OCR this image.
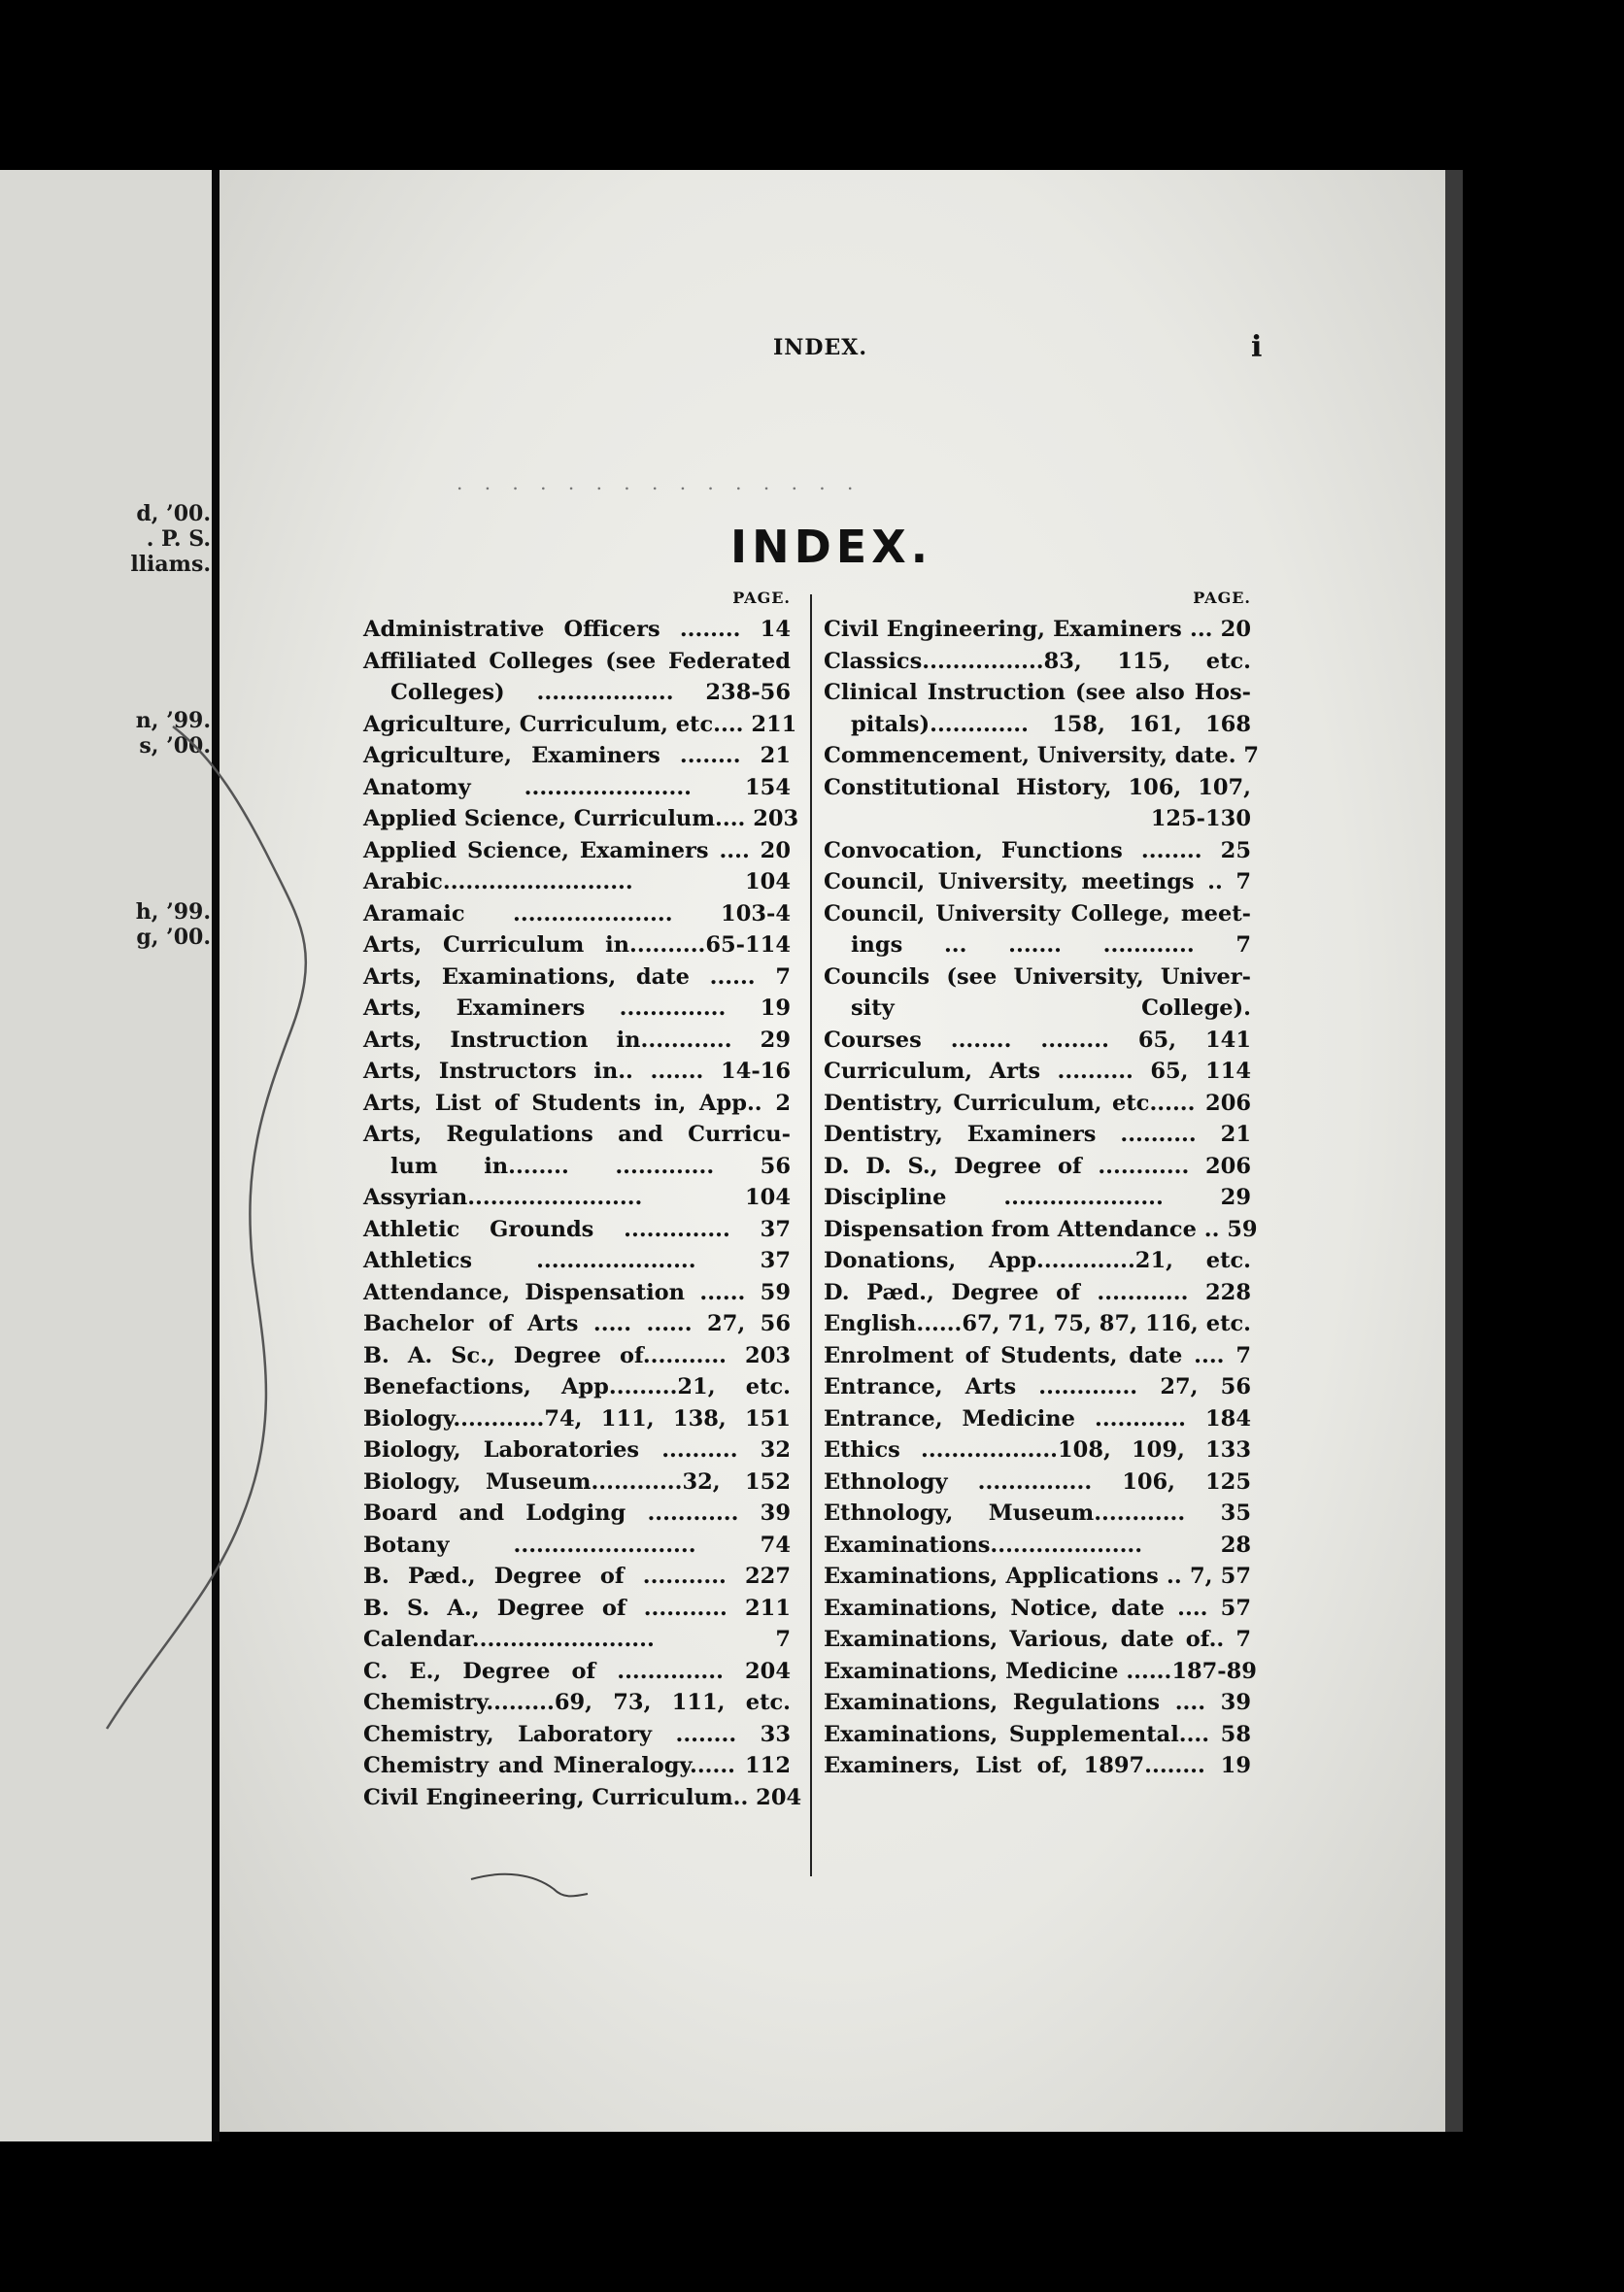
d, ’00.
. P. S.
lliams.
n, ’99.
s, ’00.
h, ’99.
g, ’00.
INDEX.	i
. . . . . . . . . . . . . . .
INDEX.
PAGE.
Administrative Officers ........ 14
Affiliated Colleges (see Federated
Colleges) .................. 238-56
Agriculture, Curriculum, etc.... 211
Agriculture, Examiners ........ 21
Anatomy ...................... 154
Applied Science, Curriculum.... 203
Applied Science, Examiners .... 20
Arabic......................... 104
Aramaic ..................... 103-4
Arts, Curriculum in..........65-114
Arts, Examinations, date ...... 7
Arts, Examiners .............. 19
Arts, Instruction in............ 29
Arts, Instructors in.. ....... 14-16
Arts, List of Students in, App.. 2
Arts, Regulations and Curricu-
lum in........ ............. 56
Assyrian....................... 104
Athletic Grounds .............. 37
Athletics ..................... 37
Attendance, Dispensation ...... 59
Bachelor of Arts ..... ...... 27, 56
B. A. Sc., Degree of........... 203
Benefactions, App.........21, etc.
Biology............74, 111, 138, 151
Biology, Laboratories .......... 32
Biology, Museum............32, 152
Board and Lodging ............ 39
Botany ........................ 74
B. Pæd., Degree of ........... 227
B. S. A., Degree of ........... 211
Calendar........................ 7
C. E., Degree of .............. 204
Chemistry.........69, 73, 111, etc.
Chemistry, Laboratory ........ 33
Chemistry and Mineralogy...... 112
Civil Engineering, Curriculum.. 204
PAGE.
Civil Engineering, Examiners ... 20
Classics................83, 115, etc.
Clinical Instruction (see also Hos-
pitals)............. 158, 161, 168
Commencement, University, date. 7
Constitutional History, 106, 107,
125-130
Convocation, Functions ........ 25
Council, University, meetings .. 7
Council, University College, meet-
ings ... ....... ............ 7
Councils (see University, Univer-
sity College).
Courses ........ ......... 65, 141
Curriculum, Arts .......... 65, 114
Dentistry, Curriculum, etc...... 206
Dentistry, Examiners .......... 21
D. D. S., Degree of ............ 206
Discipline ..................... 29
Dispensation from Attendance .. 59
Donations, App.............21, etc.
D. Pæd., Degree of ............ 228
English......67, 71, 75, 87, 116, etc.
Enrolment of Students, date .... 7
Entrance, Arts ............. 27, 56
Entrance, Medicine ............ 184
Ethics ..................108, 109, 133
Ethnology ............... 106, 125
Ethnology, Museum............ 35
Examinations.................... 28
Examinations, Applications .. 7, 57
Examinations, Notice, date .... 57
Examinations, Various, date of.. 7
Examinations, Medicine ......187-89
Examinations, Regulations .... 39
Examinations, Supplemental.... 58
Examiners, List of, 1897........ 19
